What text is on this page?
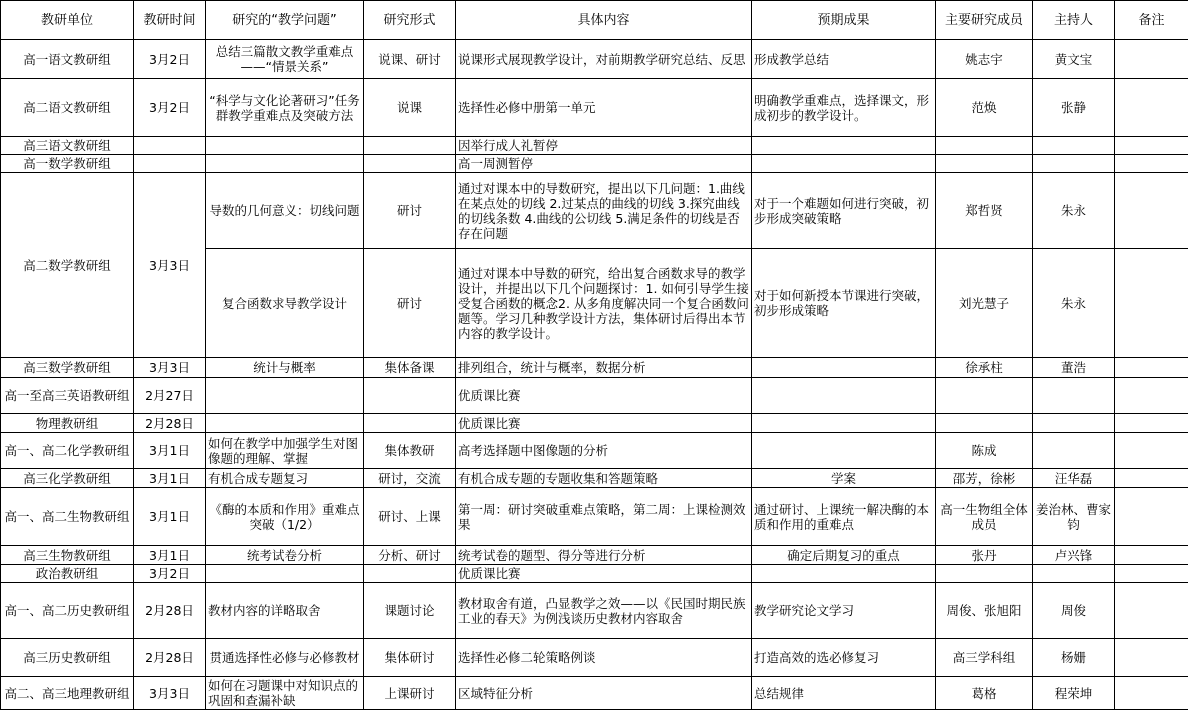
教研单位	教研时间	研究的“教学问题”	研究形式	具体内容	预期成果	主要研究成员	主持人	备注
高一语文教研组	3月2日	总结三篇散文教学重难点——“情景关系”	说课、研讨	说课形式展现教学设计，对前期教学研究总结、反思	形成教学总结	姚志宇	黄文宝	
高二语文教研组	3月2日	“科学与文化论著研习”任务群教学重难点及突破方法	说课	选择性必修中册第一单元	明确教学重难点，选择课文，形成初步的教学设计。	范焕	张静	
高三语文教研组				因举行成人礼暂停				
高一数学教研组				高一周测暂停				
高二数学教研组	3月3日	导数的几何意义：切线问题	研讨	通过对课本中的导数研究，提出以下几问题：1.曲线在某点处的切线 2.过某点的曲线的切线 3.探究曲线的切线条数 4.曲线的公切线 5.满足条件的切线是否存在问题	对于一个难题如何进行突破，初步形成突破策略	郑哲贤	朱永	
		复合函数求导教学设计	研讨	通过对课本中导数的研究，给出复合函数求导的教学设计，并提出以下几个问题探讨：1. 如何引导学生接受复合函数的概念2. 从多角度解决同一个复合函数问题等。学习几种教学设计方法，集体研讨后得出本节内容的教学设计。	对于如何新授本节课进行突破，初步形成策略	刘光慧子	朱永	
高三数学教研组	3月3日	统计与概率	集体备课	排列组合，统计与概率，数据分析		徐承柱	董浩	
高一至高三英语教研组	2月27日			优质课比赛				
物理教研组	2月28日			优质课比赛				
高一、高二化学教研组	3月1日	如何在教学中加强学生对图像题的理解、掌握	集体教研	高考选择题中图像题的分析		陈成		
高三化学教研组	3月1日	有机合成专题复习	研讨，交流	有机合成专题的专题收集和答题策略	学案	邵芳，徐彬	汪华磊	
高一、高二生物教研组	3月1日	《酶的本质和作用》重难点突破（1/2）	研讨、上课	第一周：研讨突破重难点策略，第二周：上课检测效果	通过研讨、上课统一解决酶的本质和作用的重难点	高一生物组全体成员	姜治林、曹家钧	
高三生物教研组	3月1日	统考试卷分析	分析、研讨	统考试卷的题型、得分等进行分析	确定后期复习的重点	张丹	卢兴锋	
政治教研组	3月2日			优质课比赛				
高一、高二历史教研组	2月28日	教材内容的详略取舍	课题讨论	教材取舍有道，凸显教学之效——以《民国时期民族工业的春天》为例浅谈历史教材内容取舍	教学研究论文学习	周俊、张旭阳	周俊	
高三历史教研组	2月28日	贯通选择性必修与必修教材	集体研讨	选择性必修二轮策略例谈	打造高效的选必修复习	高三学科组	杨姗	
高二、高三地理教研组	3月3日	如何在习题课中对知识点的巩固和查漏补缺	上课研讨	区域特征分析	总结规律	葛格	程荣坤	
